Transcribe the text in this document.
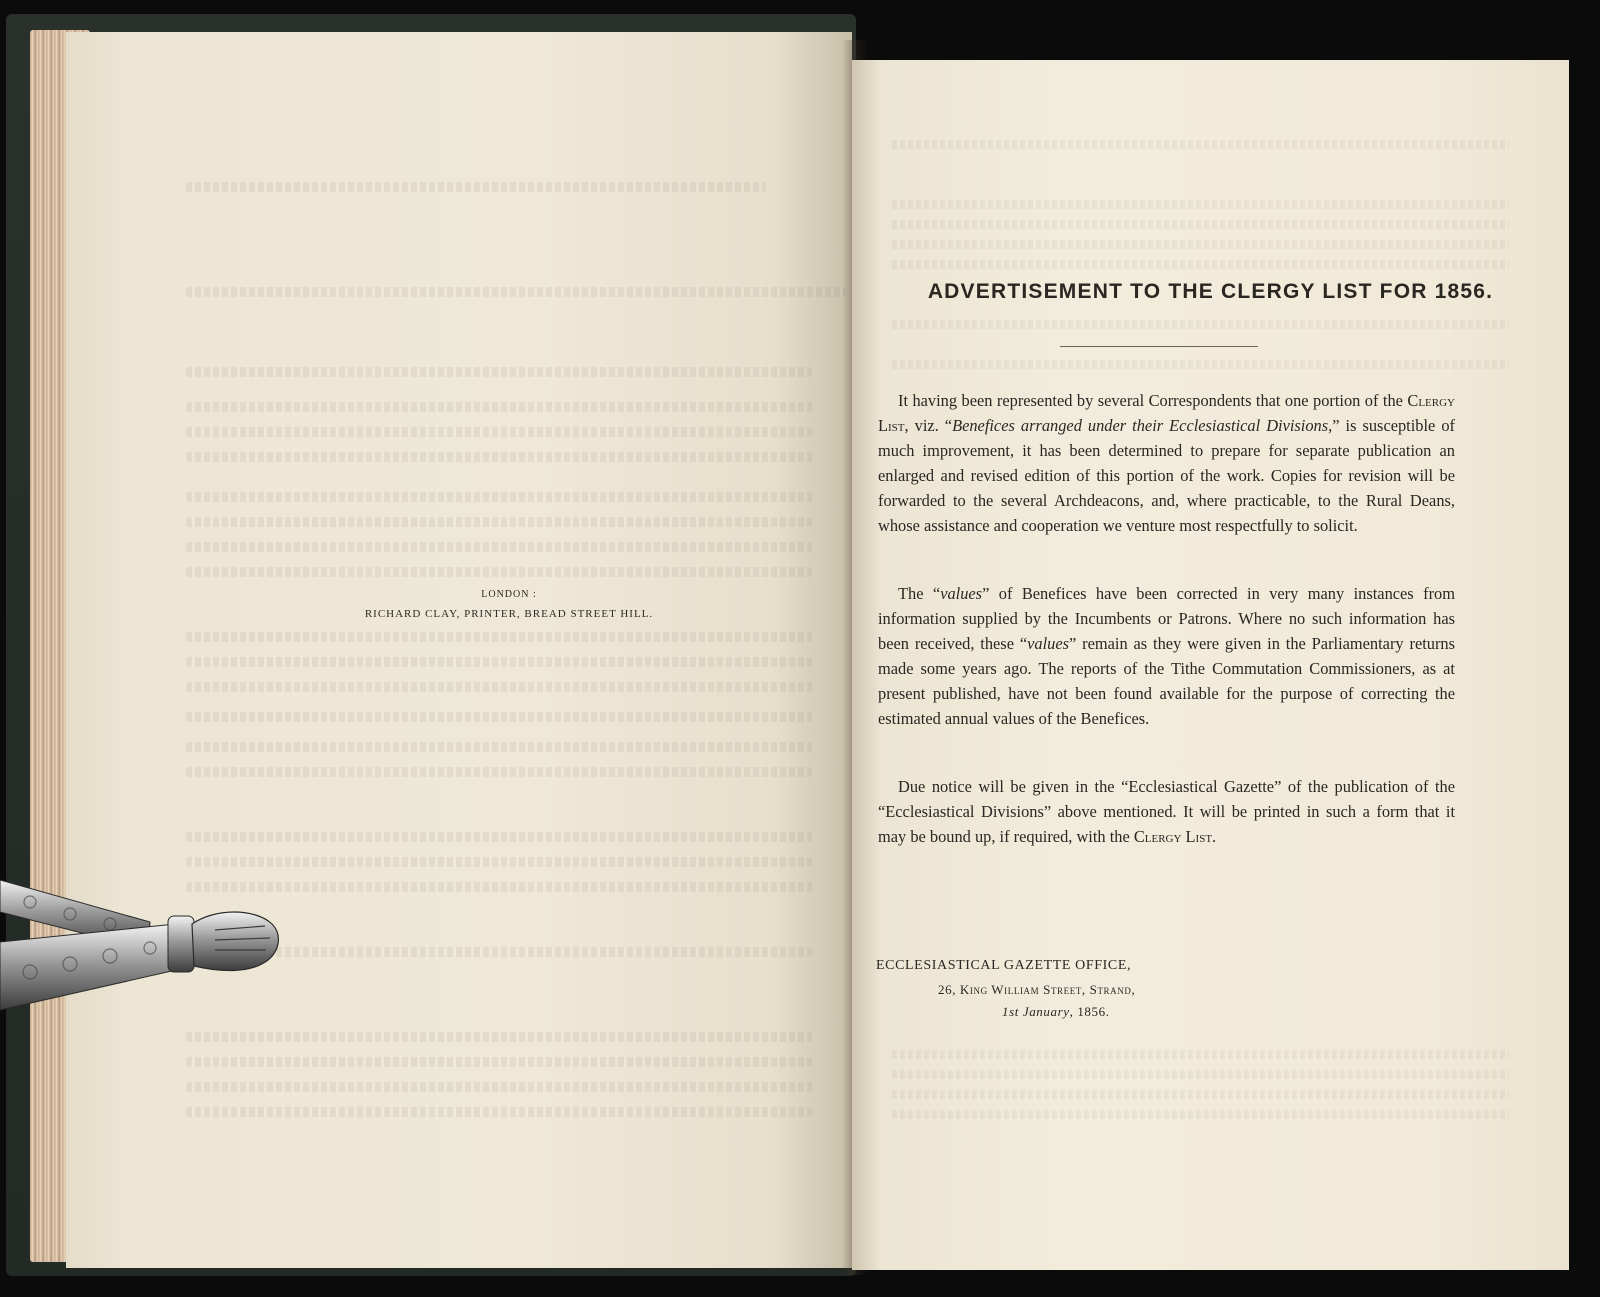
LONDON :
RICHARD CLAY, PRINTER, BREAD STREET HILL.
ADVERTISEMENT TO THE CLERGY LIST FOR 1856.

It having been represented by several Correspondents that one portion of the Clergy List, viz. “Benefices arranged under their Ecclesiastical Divisions,” is susceptible of much improvement, it has been determined to prepare for separate publication an enlarged and revised edition of this portion of the work. Copies for revision will be forwarded to the several Archdeacons, and, where practicable, to the Rural Deans, whose assistance and cooperation we venture most respectfully to solicit.

The “values” of Benefices have been corrected in very many instances from information supplied by the Incumbents or Patrons. Where no such information has been received, these “values” remain as they were given in the Parliamentary returns made some years ago. The reports of the Tithe Commutation Commissioners, as at present published, have not been found available for the purpose of correcting the estimated annual values of the Benefices.

Due notice will be given in the “Ecclesiastical Gazette” of the publication of the “Ecclesiastical Divisions” above mentioned. It will be printed in such a form that it may be bound up, if required, with the Clergy List.

ECCLESIASTICAL GAZETTE OFFICE,
26, King William Street, Strand,
1st January, 1856.
